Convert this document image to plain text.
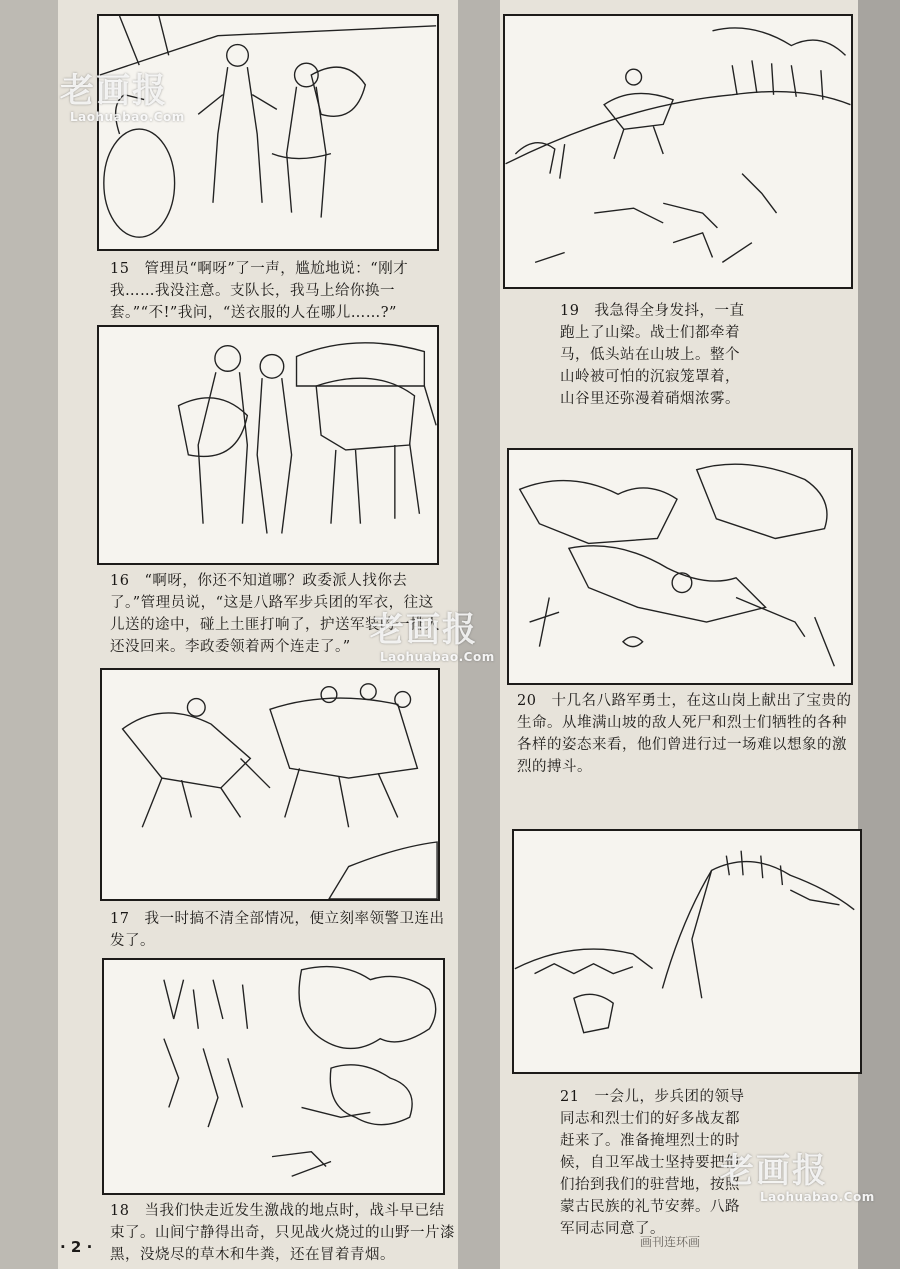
15　管理员“啊呀”了一声，尴尬地说：“刚才我……我没注意。支队长，我马上给你换一套。”“不!”我问，“送衣服的人在哪儿……?”
16　“啊呀，你还不知道哪？政委派人找你去了。”管理员说，“这是八路军步兵团的军衣，往这儿送的途中，碰上土匪打响了，护送军装的一排人还没回来。李政委领着两个连走了。”
17　我一时搞不清全部情况，便立刻率领警卫连出发了。
18　当我们快走近发生激战的地点时，战斗早已结束了。山间宁静得出奇，只见战火烧过的山野一片漆黑，没烧尽的草木和牛粪，还在冒着青烟。
19　我急得全身发抖，一直跑上了山梁。战士们都牵着马，低头站在山坡上。整个山岭被可怕的沉寂笼罩着，山谷里还弥漫着硝烟浓雾。
20　十几名八路军勇士，在这山岗上献出了宝贵的生命。从堆满山坡的敌人死尸和烈士们牺牲的各种各样的姿态来看，他们曾进行过一场难以想象的激烈的搏斗。
21　一会儿，步兵团的领导同志和烈士们的好多战友都赶来了。准备掩埋烈士的时候，自卫军战士坚持要把他们抬到我们的驻营地，按照蒙古民族的礼节安葬。八路军同志同意了。
老画报
Laohuabao.Com
老画报
Laohuabao.Com
老画报
Laohuabao.Com
· 2 ·	画刊连环画
